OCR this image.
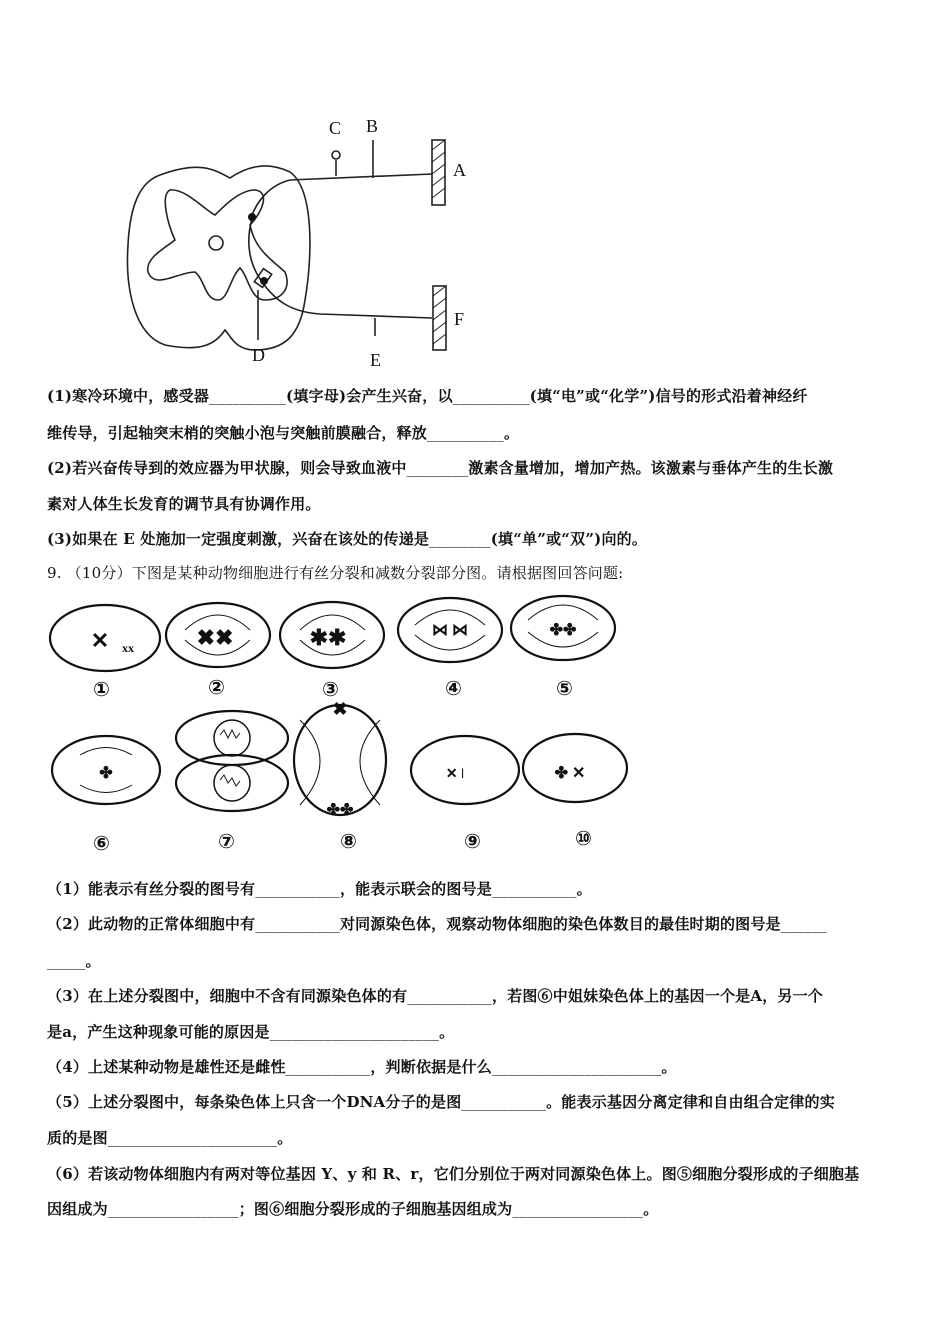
C B
A
F
D	E
(1)寒冷环境中，感受器__________(填字母)会产生兴奋，以__________(填“电”或“化学”)信号的形式沿着神经纤
维传导，引起轴突末梢的突触小泡与突触前膜融合，释放__________。
(2)若兴奋传导到的效应器为甲状腺，则会导致血液中________激素含量增加，增加产热。该激素与垂体产生的生长激
素对人体生长发育的调节具有协调作用。
(3)如果在 E 处施加一定强度刺激，兴奋在该处的传递是________(填“单”或“双”)向的。
9. （10分）下图是某种动物细胞进行有丝分裂和减数分裂部分图。请根据图回答问题:
✕ xx	✖✖	✱✱	⋈ ⋈	✤✤
✤
✖
✤✤
✕ ǀ	✤ ✕
①	②	③	④	⑤
⑥	⑦	⑧	⑨	⑩
（1）能表示有丝分裂的图号有___________，能表示联会的图号是___________。
（2）此动物的正常体细胞中有___________对同源染色体，观察动物体细胞的染色体数目的最佳时期的图号是______
_____。
（3）在上述分裂图中，细胞中不含有同源染色体的有___________，若图⑥中姐妹染色体上的基因一个是A，另一个
是a，产生这种现象可能的原因是______________________。
（4）上述某种动物是雄性还是雌性___________，判断依据是什么______________________。
（5）上述分裂图中，每条染色体上只含一个DNA分子的是图___________。能表示基因分离定律和自由组合定律的实
质的是图______________________。
（6）若该动物体细胞内有两对等位基因 Y、y 和 R、r，它们分别位于两对同源染色体上。图⑤细胞分裂形成的子细胞基
因组成为_________________；图⑥细胞分裂形成的子细胞基因组成为_________________。
